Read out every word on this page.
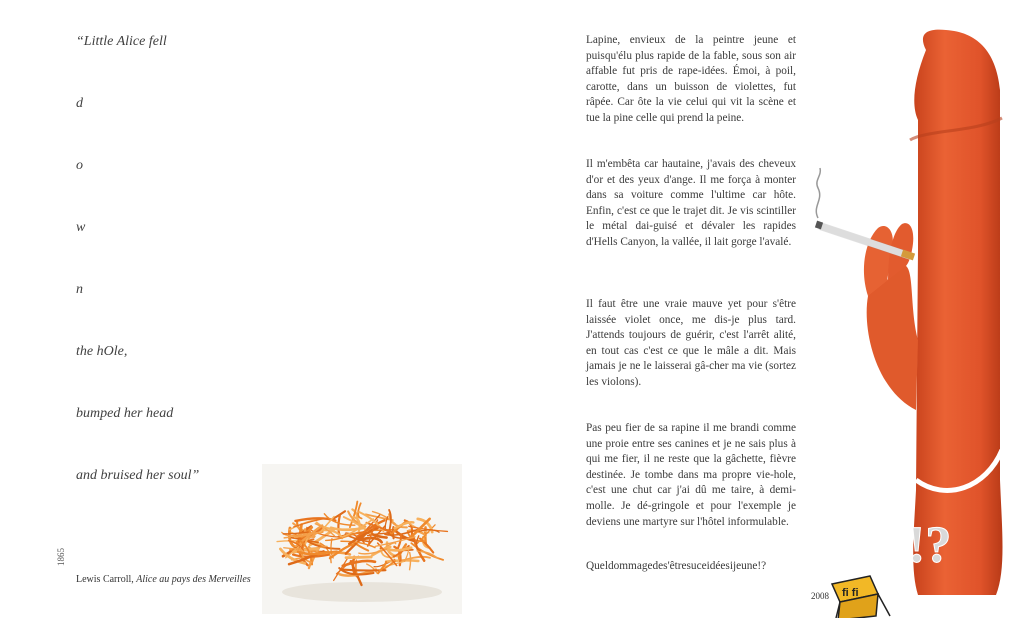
“Little Alice fell

d

o

w

n

the hOle,

bumped her head

and bruised her soul”

1865
Lewis Carroll, Alice au pays des Merveilles

Lapine, envieux de la peintre jeune et puisqu'élu plus rapide de la fable, sous son air affable fut pris de rape-idées. Émoi, à poil, carotte, dans un buisson de violettes, fut râpée. Car ôte la vie celui qui vit la scène et tue la pine celle qui prend la peine.

Il m'embêta car hautaine, j'avais des cheveux d'or et des yeux d'ange. Il me força à monter dans sa voiture comme l'ultime car hôte. Enfin, c'est ce que le trajet dit. Je vis scintiller le métal dai-guisé et dévaler les rapides d'Hells Canyon, la vallée, il lait gorge l'avalé.

Il faut être une vraie mauve yet pour s'être laissée violet once, me dis-je plus tard. J'attends toujours de guérir, c'est l'arrêt alité, en tout cas c'est ce que le mâle a dit. Mais jamais je ne le laisserai gâ-cher ma vie (sortez les violons).

Pas peu fier de sa rapine il me brandi comme une proie entre ses canines et je ne sais plus à qui me fier, il ne reste que la gâchette, fièvre destinée. Je tombe dans ma propre vie-hole, c'est une chut car j'ai dû me taire, à demi-molle. Je dé-gringole et pour l'exemple je deviens une martyre sur l'hôtel informulable.

Queldommagedes'êtresuceidéesijeune!?
2008
!?
fi fi
